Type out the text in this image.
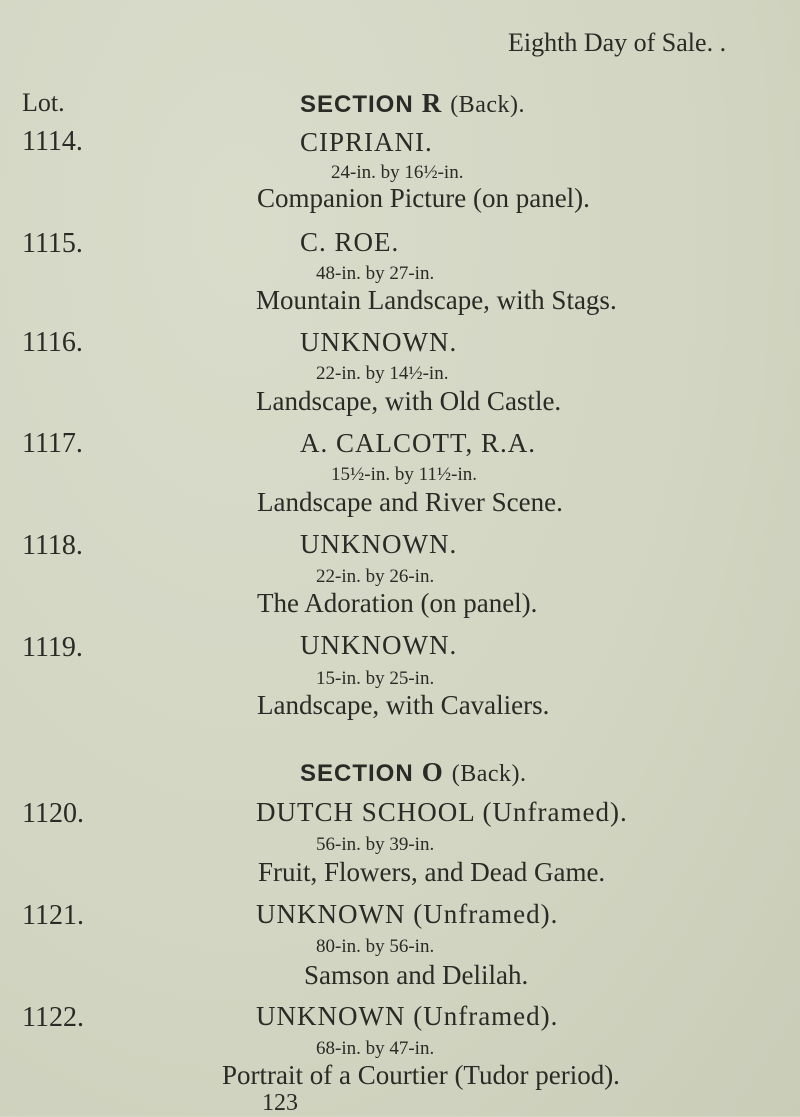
Eighth Day of Sale. .
Lot.	SECTION R (Back).
1114.	CIPRIANI.
24-in. by 16½-in.
Companion Picture (on panel).
1115.	C. ROE.
48-in. by 27-in.
Mountain Landscape, with Stags.
1116.	UNKNOWN.
22-in. by 14½-in.
Landscape, with Old Castle.
1117.	A. CALCOTT, R.A.
15½-in. by 11½-in.
Landscape and River Scene.
1118.	UNKNOWN.
22-in. by 26-in.
The Adoration (on panel).
1119.	UNKNOWN.
15-in. by 25-in.
Landscape, with Cavaliers.
SECTION O (Back).
1120.	DUTCH SCHOOL (Unframed).
56-in. by 39-in.
Fruit, Flowers, and Dead Game.
1121.	UNKNOWN (Unframed).
80-in. by 56-in.
Samson and Delilah.
1122.	UNKNOWN (Unframed).
68-in. by 47-in.
Portrait of a Courtier (Tudor period).
123
